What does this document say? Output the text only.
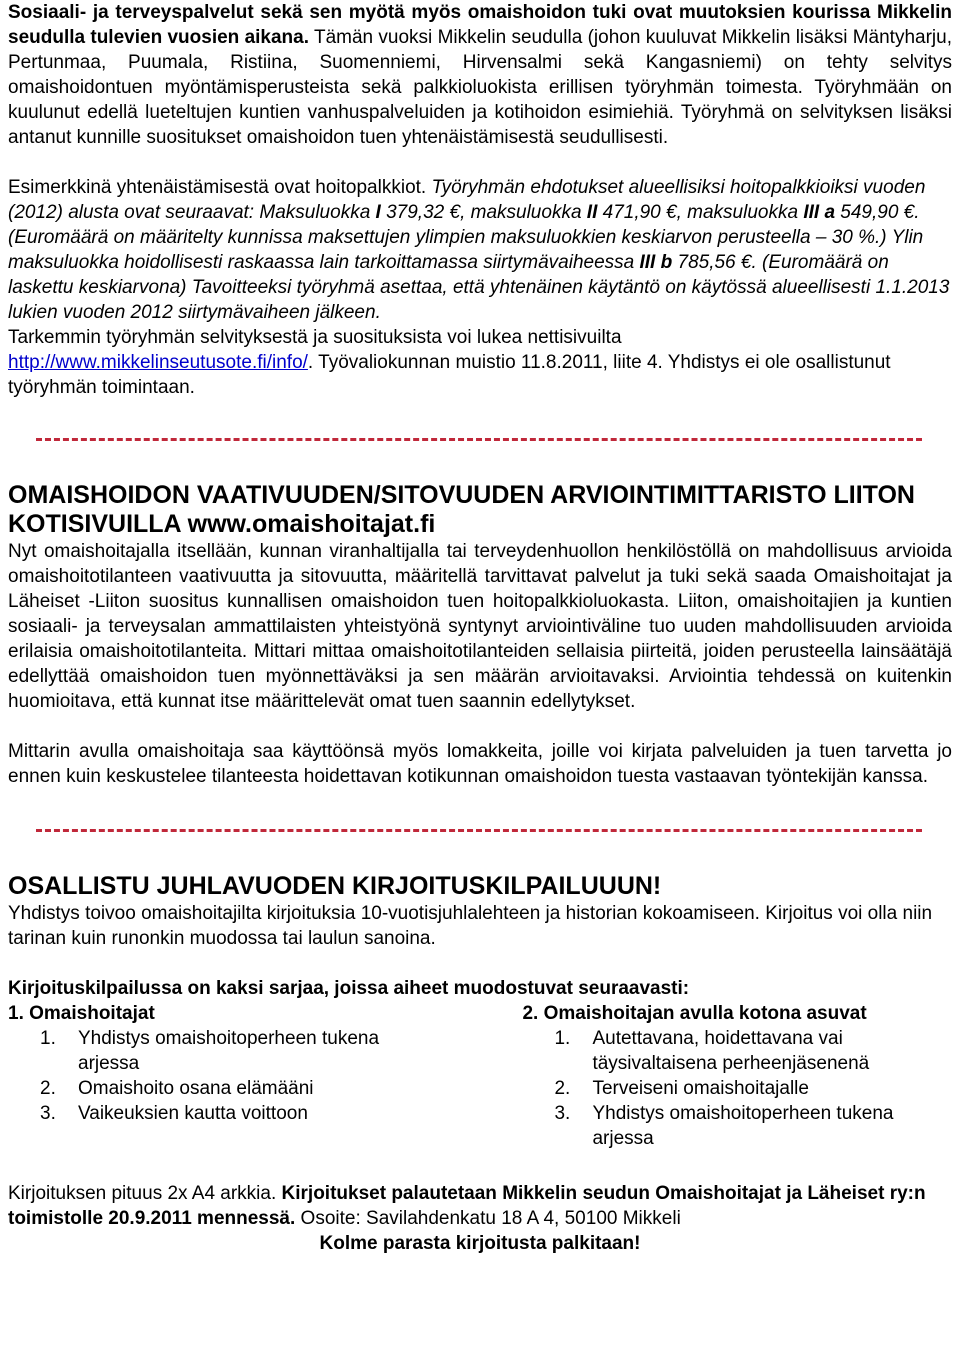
Sosiaali- ja terveyspalvelut sekä sen myötä myös omaishoidon tuki ovat muutoksien kourissa Mikkelin seudulla tulevien vuosien aikana. Tämän vuoksi Mikkelin seudulla (johon kuuluvat Mikkelin lisäksi Mäntyharju, Pertunmaa, Puumala, Ristiina, Suomenniemi, Hirvensalmi sekä Kangasniemi) on tehty selvitys omaishoidontuen myöntämisperusteista sekä palkkioluokista erillisen työryhmän toimesta. Työryhmään on kuulunut edellä lueteltujen kuntien vanhuspalveluiden ja kotihoidon esimiehiä. Työryhmä on selvityksen lisäksi antanut kunnille suositukset omaishoidon tuen yhtenäistämisestä seudullisesti.

Esimerkkinä yhtenäistämisestä ovat hoitopalkkiot. Työryhmän ehdotukset alueellisiksi hoitopalkkioiksi vuoden (2012) alusta ovat seuraavat: Maksuluokka I 379,32 €, maksuluokka II 471,90 €, maksuluokka III a 549,90 €. (Euromäärä on määritelty kunnissa maksettujen ylimpien maksuluokkien keskiarvon perusteella – 30 %.) Ylin maksuluokka hoidollisesti raskaassa lain tarkoittamassa siirtymävaiheessa III b 785,56 €. (Euromäärä on laskettu keskiarvona) Tavoitteeksi työryhmä asettaa, että yhtenäinen käytäntö on käytössä alueellisesti 1.1.2013 lukien vuoden 2012 siirtymävaiheen jälkeen.

Tarkemmin työryhmän selvityksestä ja suosituksista voi lukea nettisivuilta
http://www.mikkelinseutusote.fi/info/. Työvaliokunnan muistio 11.8.2011, liite 4. Yhdistys ei ole osallistunut työryhmän toimintaan.

OMAISHOIDON VAATIVUUDEN/SITOVUUDEN ARVIOINTIMITTARISTO LIITON KOTISIVUILLA www.omaishoitajat.fi

Nyt omaishoitajalla itsellään, kunnan viranhaltijalla tai terveydenhuollon henkilöstöllä on mahdollisuus arvioida omaishoitotilanteen vaativuutta ja sitovuutta, määritellä tarvittavat palvelut ja tuki sekä saada Omaishoitajat ja Läheiset -Liiton suositus kunnallisen omaishoidon tuen hoitopalkkioluokasta. Liiton, omaishoitajien ja kuntien sosiaali- ja terveysalan ammattilaisten yhteistyönä syntynyt arviointiväline tuo uuden mahdollisuuden arvioida erilaisia omaishoitotilanteita. Mittari mittaa omaishoitotilanteiden sellaisia piirteitä, joiden perusteella lainsäätäjä edellyttää omaishoidon tuen myönnettäväksi ja sen määrän arvioitavaksi. Arviointia tehdessä on kuitenkin huomioitava, että kunnat itse määrittelevät omat tuen saannin edellytykset.

Mittarin avulla omaishoitaja saa käyttöönsä myös lomakkeita, joille voi kirjata palveluiden ja tuen tarvetta jo ennen kuin keskustelee tilanteesta hoidettavan kotikunnan omaishoidon tuesta vastaavan työntekijän kanssa.

OSALLISTU JUHLAVUODEN KIRJOITUSKILPAILUUUN!

Yhdistys toivoo omaishoitajilta kirjoituksia 10-vuotisjuhlalehteen ja historian kokoamiseen. Kirjoitus voi olla niin tarinan kuin runonkin muodossa tai laulun sanoina.

Kirjoituskilpailussa on kaksi sarjaa, joissa aiheet muodostuvat seuraavasti:

1. Omaishoitajat

1. Yhdistys omaishoitoperheen tukena arjessa
2. Omaishoito osana elämääni
3. Vaikeuksien kautta voittoon

2. Omaishoitajan avulla kotona asuvat

1. Autettavana, hoidettavana vai täysivaltaisena perheenjäsenenä
2. Terveiseni omaishoitajalle
3. Yhdistys omaishoitoperheen tukena arjessa

Kirjoituksen pituus 2x A4 arkkia. Kirjoitukset palautetaan Mikkelin seudun Omaishoitajat ja Läheiset ry:n toimistolle 20.9.2011 mennessä. Osoite: Savilahdenkatu 18 A 4, 50100 Mikkeli

Kolme parasta kirjoitusta palkitaan!
